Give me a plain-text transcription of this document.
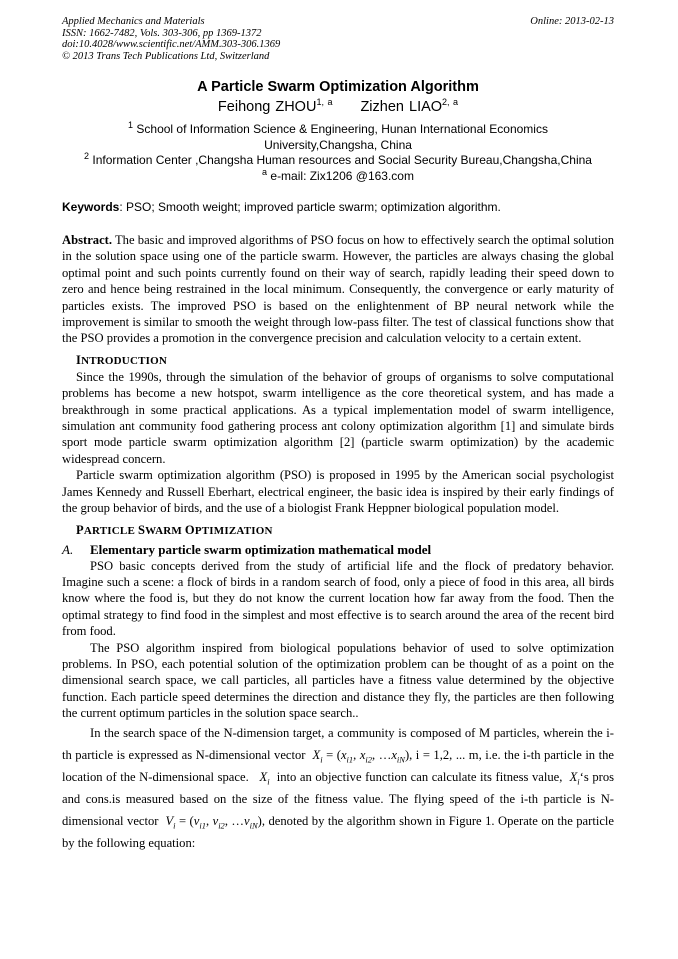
Applied Mechanics and Materials
ISSN: 1662-7482, Vols. 303-306, pp 1369-1372
doi:10.4028/www.scientific.net/AMM.303-306.1369
© 2013 Trans Tech Publications Ltd, Switzerland
Online: 2013-02-13
A Particle Swarm Optimization Algorithm
Feihong ZHOU$^{1, a}$ Zizhen LIAO$^{2, a}$
$^1$ School of Information Science & Engineering, Hunan International Economics
University,Changsha, China
$^2$ Information Center ,Changsha Human resources and Social Security Bureau,Changsha,China
$^a$ e-mail: Zix1206 @163.com
Keywords: PSO; Smooth weight; improved particle swarm; optimization algorithm.

Abstract. The basic and improved algorithms of PSO focus on how to effectively search the optimal solution in the solution space using one of the particle swarm. However, the particles are always chasing the global optimal point and such points currently found on their way of search, rapidly leading their speed down to zero and hence being restrained in the local minimum. Consequently, the convergence or early maturity of particles exists. The improved PSO is based on the enlightenment of BP neural network while the improvement is similar to smooth the weight through low-pass filter. The test of classical functions show that the PSO provides a promotion in the convergence precision and calculation velocity to a certain extent.

INTRODUCTION

Since the 1990s, through the simulation of the behavior of groups of organisms to solve computational problems has become a new hotspot, swarm intelligence as the core theoretical system, and has made a breakthrough in some practical applications. As a typical implementation model of swarm intelligence, simulation ant community food gathering process ant colony optimization algorithm [1] and simulate birds sport mode particle swarm optimization algorithm [2] (particle swarm optimization) by the academic widespread concern.

Particle swarm optimization algorithm (PSO) is proposed in 1995 by the American social psychologist James Kennedy and Russell Eberhart, electrical engineer, the basic idea is inspired by their early findings of the group behavior of birds, and the use of a biologist Frank Heppner biological population model.

PARTICLE SWARM OPTIMIZATION
A. Elementary particle swarm optimization mathematical model

PSO basic concepts derived from the study of artificial life and the flock of predatory behavior. Imagine such a scene: a flock of birds in a random search of food, only a piece of food in this area, all birds know where the food is, but they do not know the current location how far away from the food. Then the optimal strategy to find food in the simplest and most effective is to search around the area of the recent bird from food.

The PSO algorithm inspired from biological populations behavior of used to solve optimization problems. In PSO, each potential solution of the optimization problem can be thought of as a point on the dimensional search space, we call particles, all particles have a fitness value determined by the objective function. Each particle speed determines the direction and distance they fly, the particles are then following the current optimum particles in the solution space search..

In the search space of the N-dimension target, a community is composed of M particles, wherein the i-th particle is expressed as N-dimensional vector $X_i = (x_{i1}$, $x_{i2}$, $\dots x_{iN}$), i = 1,2, ... m, i.e. the i-th particle in the location of the N-dimensional space. $X_i$ into an objective function can calculate its fitness value, $X_i‘s$ pros and cons.is measured based on the size of the fitness value. The flying speed of the i-th particle is N-dimensional vector $V_i = (v_{i1}$, $v_{i2}$, $\dots v_{iN}$), denoted by the algorithm shown in Figure 1. Operate on the particle by the following equation:
